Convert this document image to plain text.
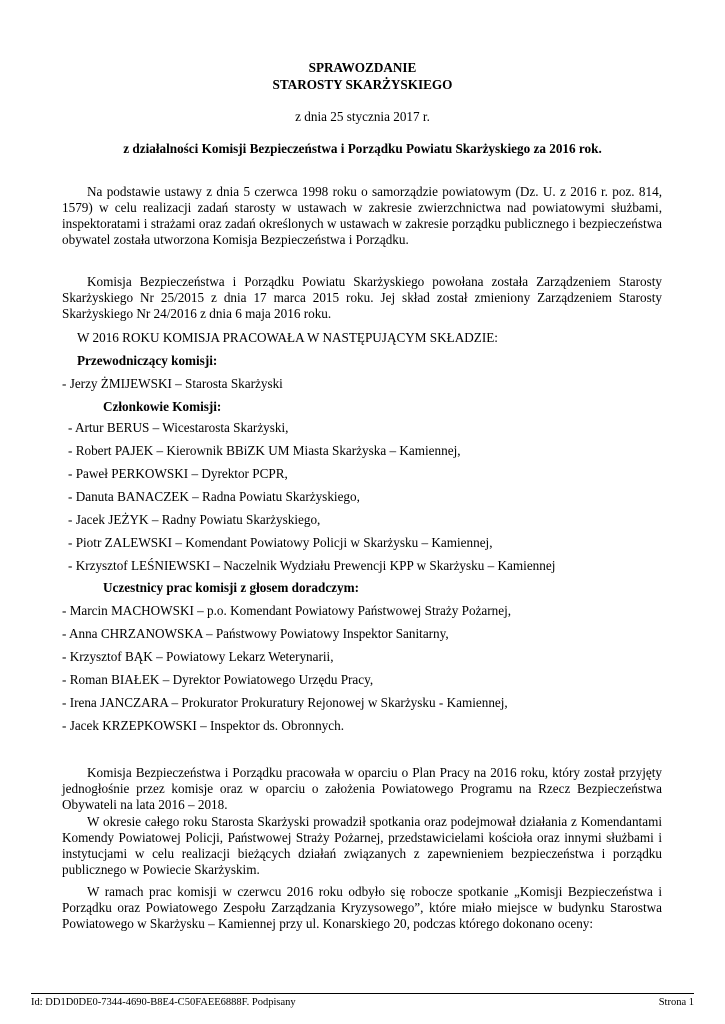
SPRAWOZDANIE
STAROSTY SKARŻYSKIEGO
z dnia 25 stycznia 2017 r.
z działalności Komisji Bezpieczeństwa i Porządku Powiatu Skarżyskiego za 2016 rok.
Na podstawie ustawy z dnia 5 czerwca 1998 roku o samorządzie powiatowym (Dz. U. z 2016 r. poz. 814, 1579) w celu realizacji zadań starosty w ustawach w zakresie zwierzchnictwa nad powiatowymi służbami, inspektoratami i strażami oraz zadań określonych w ustawach w zakresie porządku publicznego i bezpieczeństwa obywatel została utworzona Komisja Bezpieczeństwa i Porządku.
Komisja Bezpieczeństwa i Porządku Powiatu Skarżyskiego powołana została Zarządzeniem Starosty Skarżyskiego Nr 25/2015 z dnia 17 marca 2015 roku. Jej skład został zmieniony Zarządzeniem Starosty Skarżyskiego Nr 24/2016 z dnia 6 maja 2016 roku.
W 2016 ROKU KOMISJA PRACOWAŁA W NASTĘPUJĄCYM SKŁADZIE:
Przewodniczący komisji:
- Jerzy ŻMIJEWSKI – Starosta Skarżyski
Członkowie Komisji:
- Artur BERUS – Wicestarosta Skarżyski,
- Robert PAJEK – Kierownik BBiZK UM Miasta Skarżyska – Kamiennej,
- Paweł PERKOWSKI – Dyrektor PCPR,
- Danuta BANACZEK – Radna Powiatu Skarżyskiego,
- Jacek JEŻYK – Radny Powiatu Skarżyskiego,
- Piotr ZALEWSKI – Komendant Powiatowy Policji w Skarżysku – Kamiennej,
- Krzysztof LEŚNIEWSKI – Naczelnik Wydziału Prewencji KPP w Skarżysku – Kamiennej
Uczestnicy prac komisji z głosem doradczym:
- Marcin MACHOWSKI – p.o. Komendant Powiatowy Państwowej Straży Pożarnej,
- Anna CHRZANOWSKA – Państwowy Powiatowy Inspektor Sanitarny,
- Krzysztof BĄK – Powiatowy Lekarz Weterynarii,
- Roman BIAŁEK – Dyrektor Powiatowego Urzędu Pracy,
- Irena JANCZARA – Prokurator Prokuratury Rejonowej w Skarżysku - Kamiennej,
- Jacek KRZEPKOWSKI – Inspektor ds. Obronnych.
Komisja Bezpieczeństwa i Porządku pracowała w oparciu o Plan Pracy na 2016 roku, który został przyjęty jednogłośnie przez komisje oraz w oparciu o założenia Powiatowego Programu na Rzecz Bezpieczeństwa Obywateli na lata 2016 – 2018.
W okresie całego roku Starosta Skarżyski prowadził spotkania oraz podejmował działania z Komendantami Komendy Powiatowej Policji, Państwowej Straży Pożarnej, przedstawicielami kościoła oraz innymi służbami i instytucjami w celu realizacji bieżących działań związanych z zapewnieniem bezpieczeństwa i porządku publicznego w Powiecie Skarżyskim.
W ramach prac komisji w czerwcu 2016 roku odbyło się robocze spotkanie „Komisji Bezpieczeństwa i Porządku oraz Powiatowego Zespołu Zarządzania Kryzysowego”, które miało miejsce w budynku Starostwa Powiatowego w Skarżysku – Kamiennej przy ul. Konarskiego 20, podczas którego dokonano oceny:
Id: DD1D0DE0-7344-4690-B8E4-C50FAEE6888F. Podpisany	Strona 1
